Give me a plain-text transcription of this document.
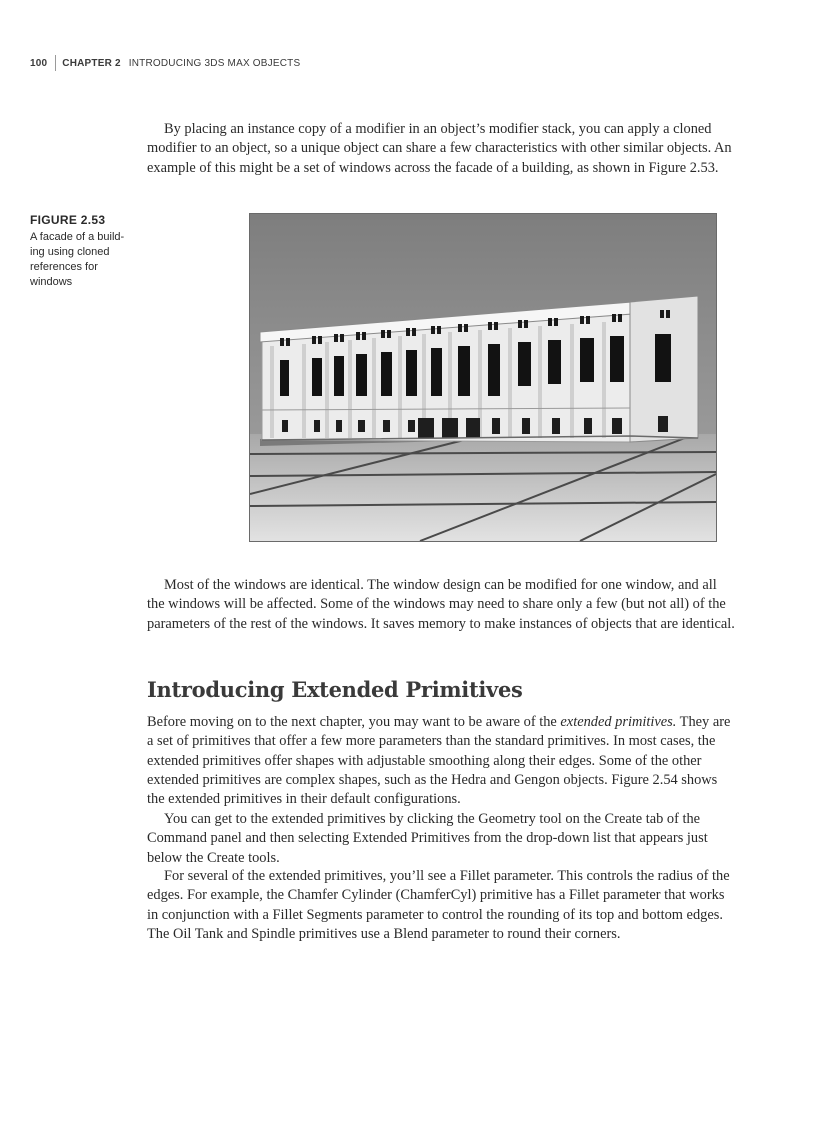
100 CHAPTER 2 INTRODUCING 3DS MAX OBJECTS

By placing an instance copy of a modifier in an object’s modifier stack, you can apply a cloned modifier to an object, so a unique object can share a few characteristics with other similar objects. An example of this might be a set of windows across the facade of a building, as shown in Figure 2.53.

FIGURE 2.53
A facade of a build-ing using cloned references for windows

Most of the windows are identical. The window design can be modified for one window, and all the windows will be affected. Some of the windows may need to share only a few (but not all) of the parameters of the rest of the windows. It saves memory to make instances of objects that are identical.

Introducing Extended Primitives

Before moving on to the next chapter, you may want to be aware of the extended primitives. They are a set of primitives that offer a few more parameters than the standard primitives. In most cases, the extended primitives offer shapes with adjustable smoothing along their edges. Some of the other extended primitives are complex shapes, such as the Hedra and Gengon objects. Figure 2.54 shows the extended primitives in their default configurations.

You can get to the extended primitives by clicking the Geometry tool on the Create tab of the Command panel and then selecting Extended Primitives from the drop-down list that appears just below the Create tools.

For several of the extended primitives, you’ll see a Fillet parameter. This controls the radius of the edges. For example, the Chamfer Cylinder (ChamferCyl) primitive has a Fillet parameter that works in conjunction with a Fillet Segments parameter to control the rounding of its top and bottom edges. The Oil Tank and Spindle primitives use a Blend parameter to round their corners.
